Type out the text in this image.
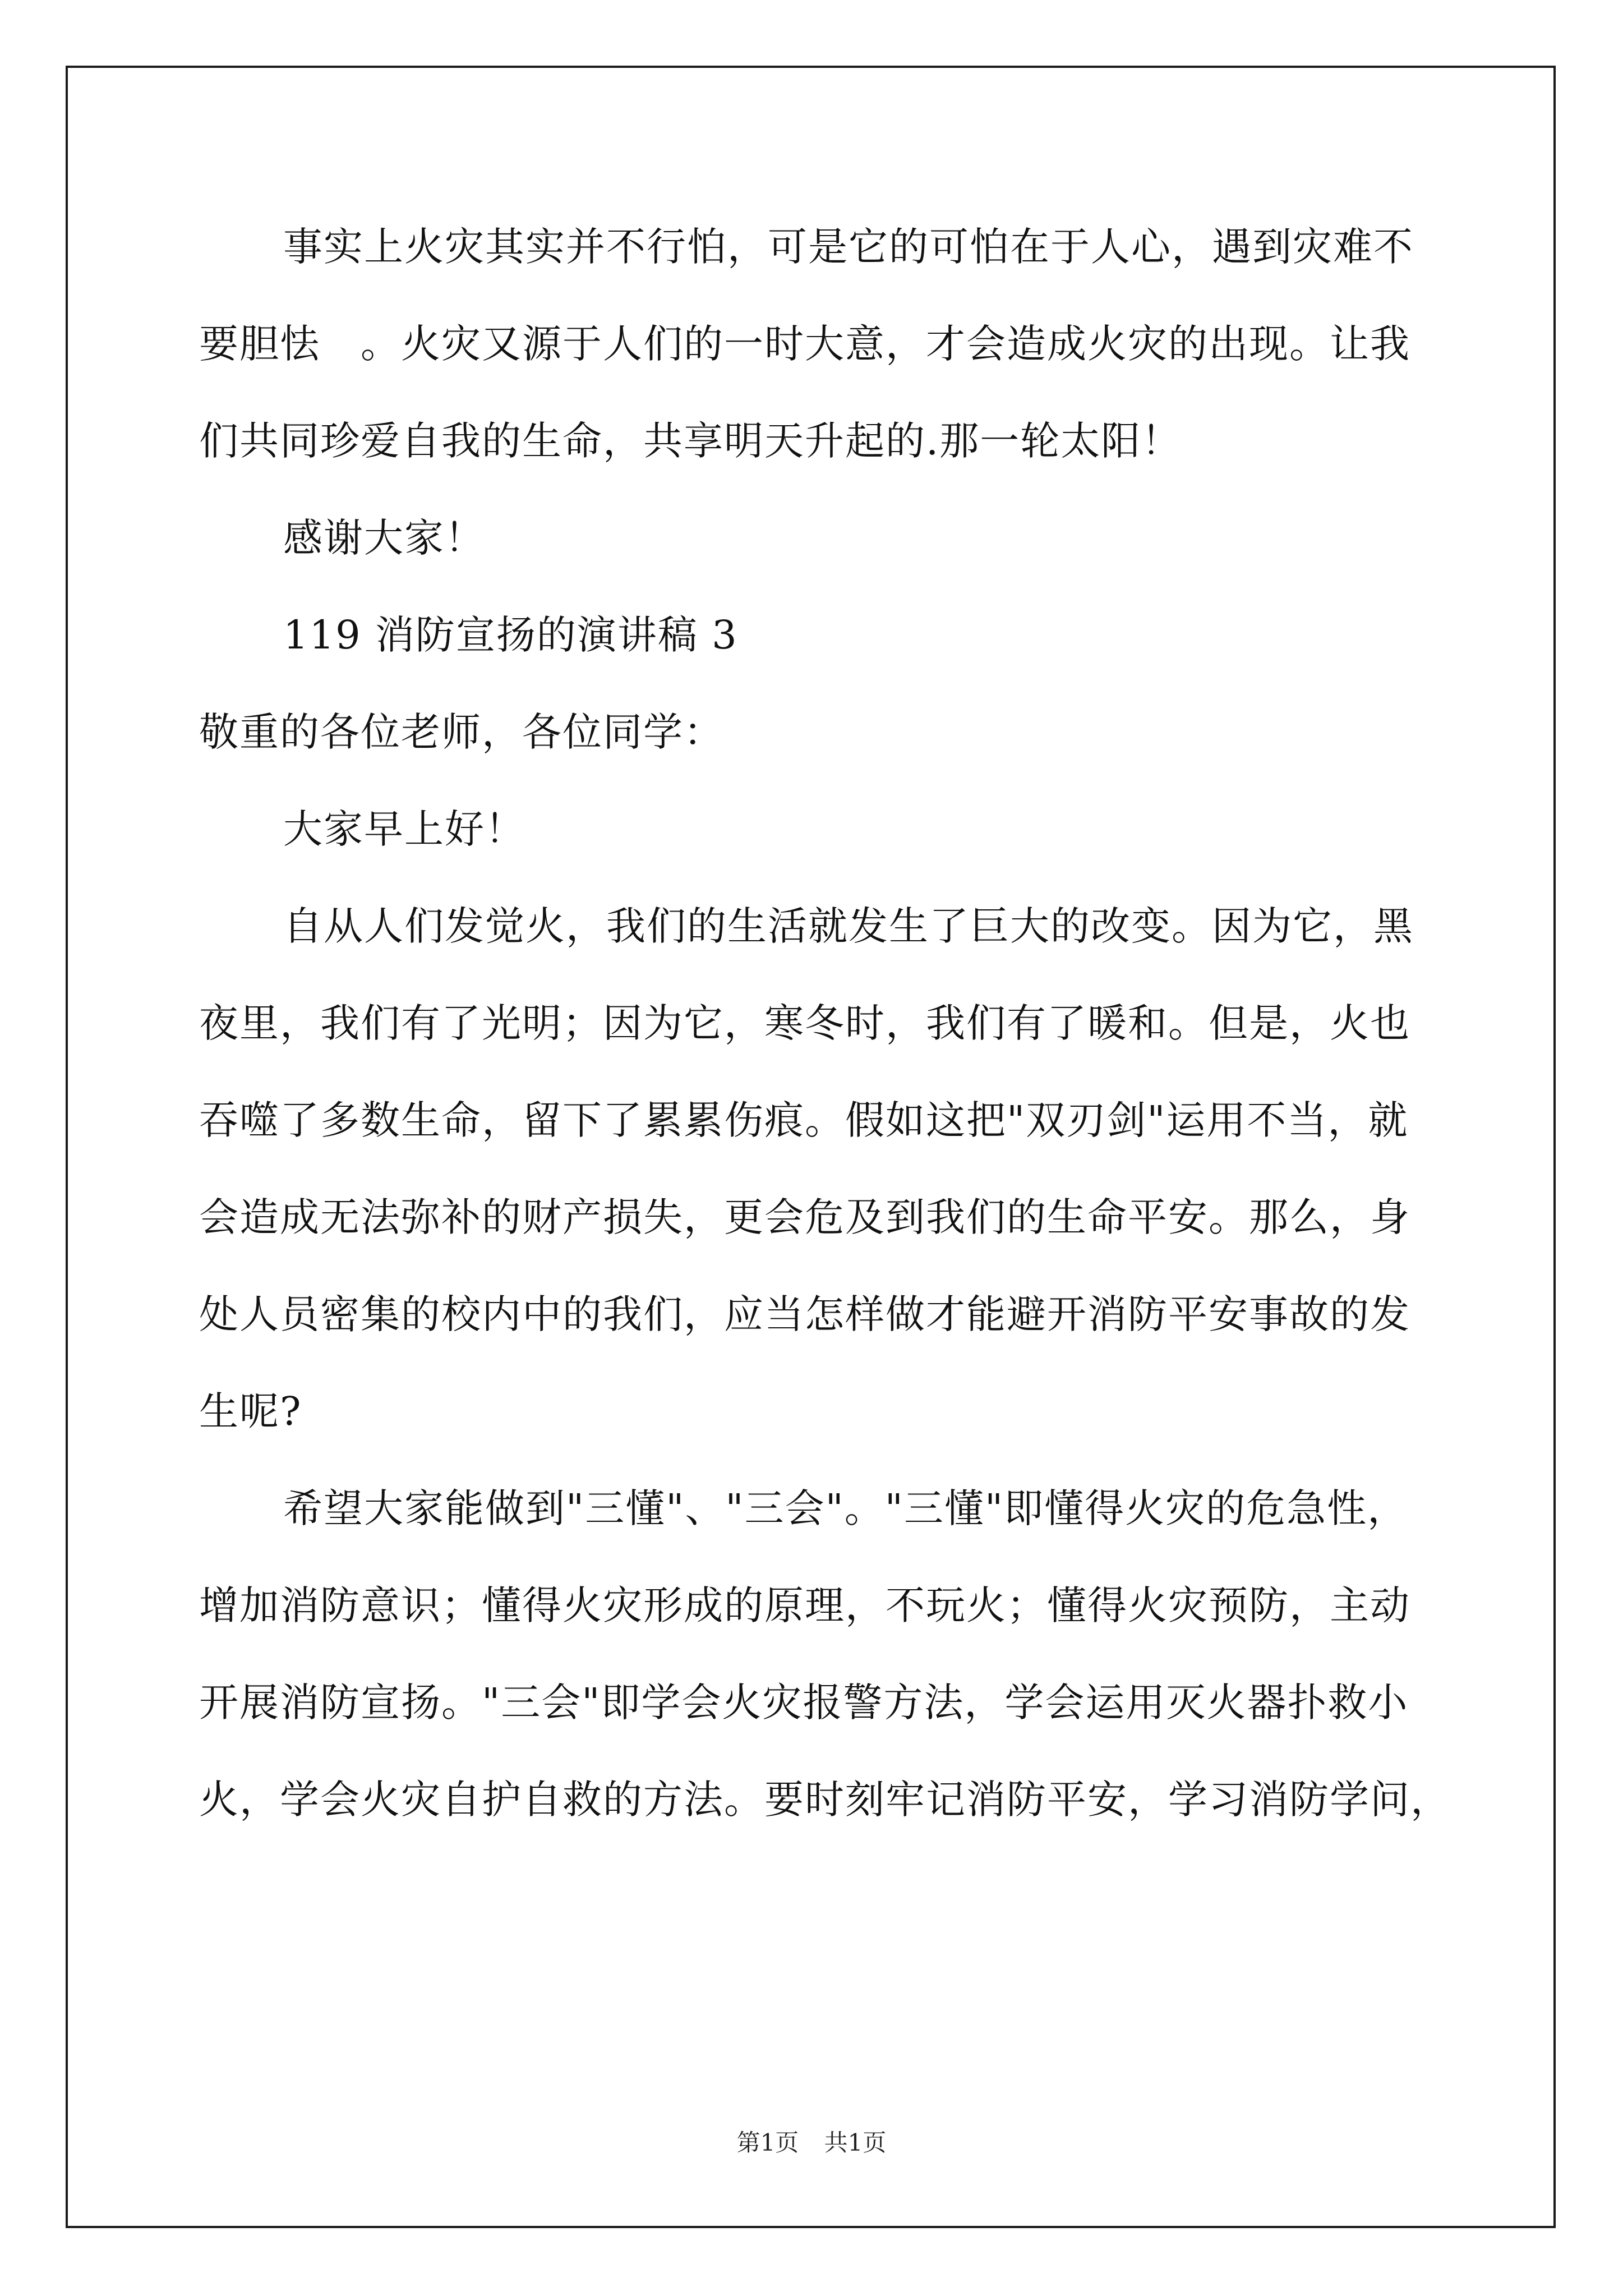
事实上火灾其实并不行怕，可是它的可怕在于人心，遇到灾难不
要胆怯　。火灾又源于人们的一时大意，才会造成火灾的出现。让我
们共同珍爱自我的生命，共享明天升起的.那一轮太阳！
感谢大家！
119 消防宣扬的演讲稿 3
敬重的各位老师，各位同学：
大家早上好！
自从人们发觉火，我们的生活就发生了巨大的改变。因为它，黑
夜里，我们有了光明；因为它，寒冬时，我们有了暖和。但是，火也
吞噬了多数生命，留下了累累伤痕。假如这把"双刃剑"运用不当，就
会造成无法弥补的财产损失，更会危及到我们的生命平安。那么，身
处人员密集的校内中的我们，应当怎样做才能避开消防平安事故的发
生呢?
希望大家能做到"三懂"、"三会"。"三懂"即懂得火灾的危急性，
增加消防意识；懂得火灾形成的原理，不玩火；懂得火灾预防，主动
开展消防宣扬。"三会"即学会火灾报警方法，学会运用灭火器扑救小
火，学会火灾自护自救的方法。要时刻牢记消防平安，学习消防学问，
第1页 共1页
